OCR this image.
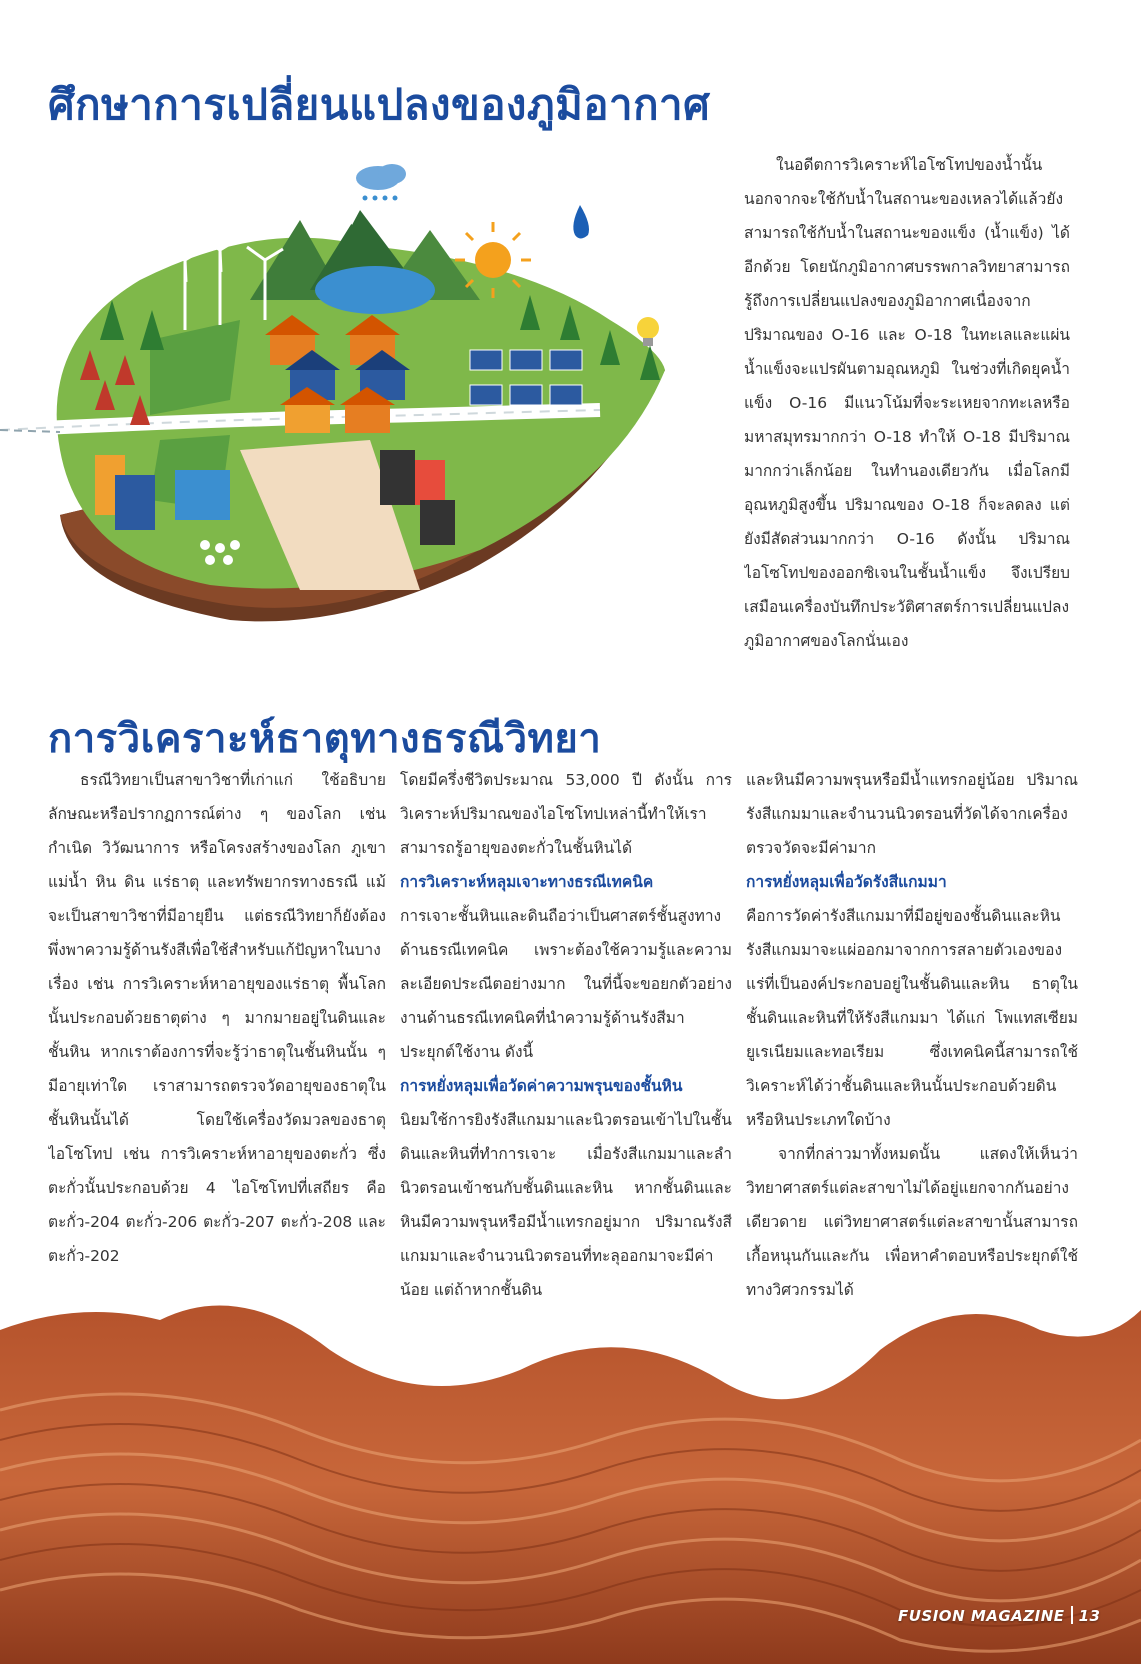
ศึกษาการเปลี่ยนแปลงของภูมิอากาศ

ในอดีตการวิเคราะห์ไอโซโทปของน้ำนั้นนอกจากจะใช้กับน้ำในสถานะของเหลวได้แล้วยังสามารถใช้กับน้ำในสถานะของแข็ง (น้ำแข็ง) ได้อีกด้วย โดยนักภูมิอากาศบรรพกาลวิทยาสามารถรู้ถึงการเปลี่ยนแปลงของภูมิอากาศเนื่องจากปริมาณของ O-16 และ O-18 ในทะเลและแผ่นน้ำแข็งจะแปรผันตามอุณหภูมิ ในช่วงที่เกิดยุคน้ำแข็ง O-16 มีแนวโน้มที่จะระเหยจากทะเลหรือมหาสมุทรมากกว่า O-18 ทำให้ O-18 มีปริมาณมากกว่าเล็กน้อย ในทำนองเดียวกัน เมื่อโลกมีอุณหภูมิสูงขึ้น ปริมาณของ O-18 ก็จะลดลง แต่ยังมีสัดส่วนมากกว่า O-16 ดังนั้น ปริมาณไอโซโทปของออกซิเจนในชั้นน้ำแข็ง จึงเปรียบเสมือนเครื่องบันทึกประวัติศาสตร์การเปลี่ยนแปลงภูมิอากาศของโลกนั่นเอง

การวิเคราะห์ธาตุทางธรณีวิทยา

ธรณีวิทยาเป็นสาขาวิชาที่เก่าแก่ ใช้อธิบายลักษณะหรือปรากฏการณ์ต่าง ๆ ของโลก เช่น กำเนิด วิวัฒนาการ หรือโครงสร้างของโลก ภูเขา แม่น้ำ หิน ดิน แร่ธาตุ และทรัพยากรทางธรณี แม้จะเป็นสาขาวิชาที่มีอายุยืน แต่ธรณีวิทยาก็ยังต้องพึ่งพาความรู้ด้านรังสีเพื่อใช้สำหรับแก้ปัญหาในบางเรื่อง เช่น การวิเคราะห์หาอายุของแร่ธาตุ พื้นโลกนั้นประกอบด้วยธาตุต่าง ๆ มากมายอยู่ในดินและชั้นหิน หากเราต้องการที่จะรู้ว่าธาตุในชั้นหินนั้น ๆ มีอายุเท่าใด เราสามารถตรวจวัดอายุของธาตุในชั้นหินนั้นได้ โดยใช้เครื่องวัดมวลของธาตุไอโซโทป เช่น การวิเคราะห์หาอายุของตะกั่ว ซึ่งตะกั่วนั้นประกอบด้วย 4 ไอโซโทปที่เสถียร คือ ตะกั่ว-204 ตะกั่ว-206 ตะกั่ว-207 ตะกั่ว-208 และตะกั่ว-202

โดยมีครึ่งชีวิตประมาณ 53,000 ปี ดังนั้น การวิเคราะห์ปริมาณของไอโซโทปเหล่านี้ทำให้เราสามารถรู้อายุของตะกั่วในชั้นหินได้

การวิเคราะห์หลุมเจาะทางธรณีเทคนิค

การเจาะชั้นหินและดินถือว่าเป็นศาสตร์ชั้นสูงทางด้านธรณีเทคนิค เพราะต้องใช้ความรู้และความละเอียดประณีตอย่างมาก ในที่นี้จะขอยกตัวอย่างงานด้านธรณีเทคนิคที่นำความรู้ด้านรังสีมาประยุกต์ใช้งาน ดังนี้

การหยั่งหลุมเพื่อวัดค่าความพรุนของชั้นหิน

นิยมใช้การยิงรังสีแกมมาและนิวตรอนเข้าไปในชั้นดินและหินที่ทำการเจาะ เมื่อรังสีแกมมาและลำนิวตรอนเข้าชนกับชั้นดินและหิน หากชั้นดินและหินมีความพรุนหรือมีน้ำแทรกอยู่มาก ปริมาณรังสีแกมมาและจำนวนนิวตรอนที่ทะลุออกมาจะมีค่าน้อย แต่ถ้าหากชั้นดิน

และหินมีความพรุนหรือมีน้ำแทรกอยู่น้อย ปริมาณรังสีแกมมาและจำนวนนิวตรอนที่วัดได้จากเครื่องตรวจวัดจะมีค่ามาก

การหยั่งหลุมเพื่อวัดรังสีแกมมา

คือการวัดค่ารังสีแกมมาที่มีอยู่ของชั้นดินและหิน รังสีแกมมาจะแผ่ออกมาจากการสลายตัวเองของแร่ที่เป็นองค์ประกอบอยู่ในชั้นดินและหิน ธาตุในชั้นดินและหินที่ให้รังสีแกมมา ได้แก่ โพแทสเซียม ยูเรเนียมและทอเรียม ซึ่งเทคนิคนี้สามารถใช้วิเคราะห์ได้ว่าชั้นดินและหินนั้นประกอบด้วยดินหรือหินประเภทใดบ้าง

จากที่กล่าวมาทั้งหมดนั้น แสดงให้เห็นว่าวิทยาศาสตร์แต่ละสาขาไม่ได้อยู่แยกจากกันอย่างเดียวดาย แต่วิทยาศาสตร์แต่ละสาขานั้นสามารถเกื้อหนุนกันและกัน เพื่อหาคำตอบหรือประยุกต์ใช้ทางวิศวกรรมได้

FUSION MAGAZINE 13
